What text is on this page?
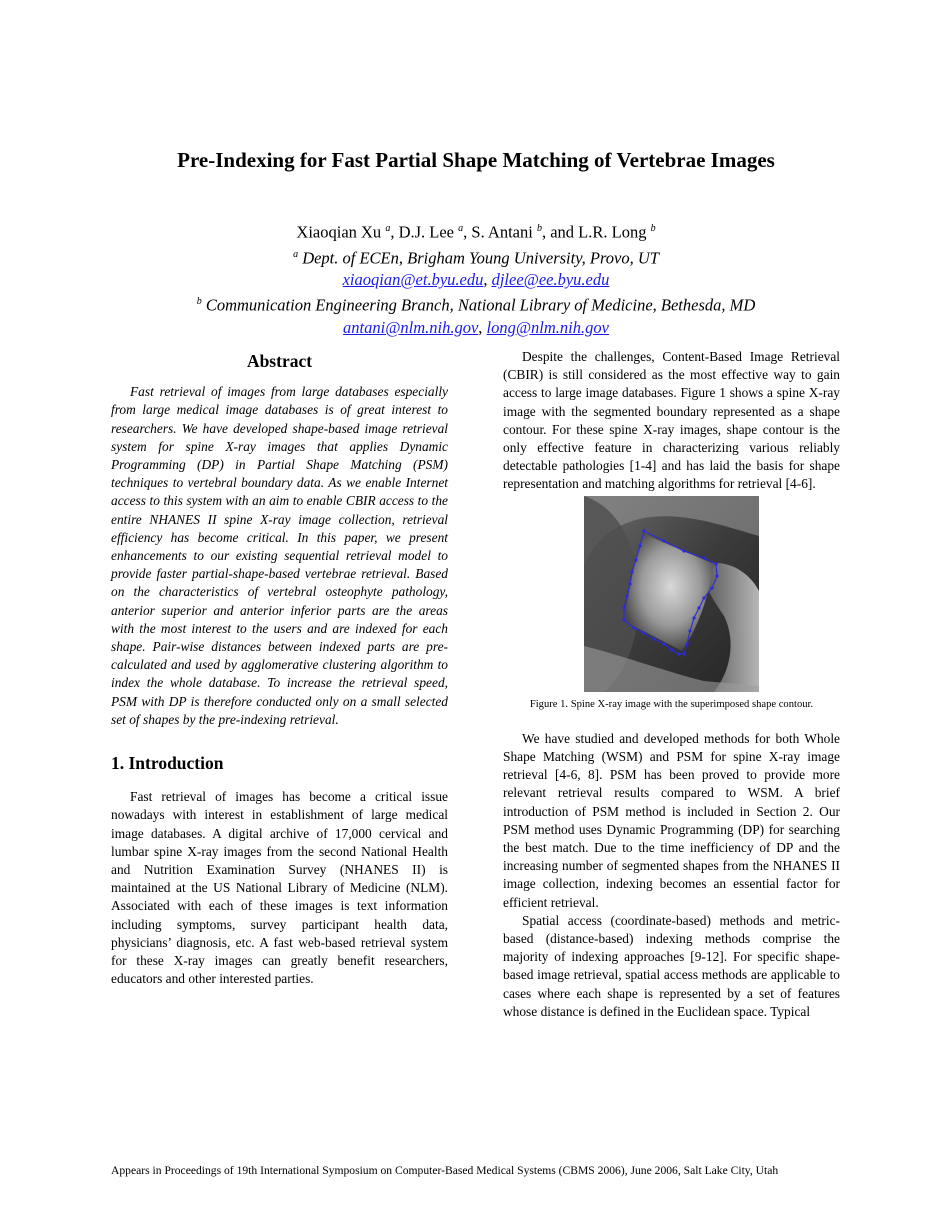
Pre-Indexing for Fast Partial Shape Matching of Vertebrae Images
Xiaoqian Xu $^a$, D.J. Lee $^a$, S. Antani $^b$, and L.R. Long $^b$
$^a$ Dept. of ECEn, Brigham Young University, Provo, UT
xiaoqian@et.byu.edu, djlee@ee.byu.edu
$^b$ Communication Engineering Branch, National Library of Medicine, Bethesda, MD
antani@nlm.nih.gov, long@nlm.nih.gov
Abstract

Fast retrieval of images from large databases especially from large medical image databases is of great interest to researchers. We have developed shape-based image retrieval system for spine X-ray images that applies Dynamic Programming (DP) in Partial Shape Matching (PSM) techniques to vertebral boundary data. As we enable Internet access to this system with an aim to enable CBIR access to the entire NHANES II spine X-ray image collection, retrieval efficiency has become critical. In this paper, we present enhancements to our existing sequential retrieval model to provide faster partial-shape-based vertebrae retrieval. Based on the characteristics of vertebral osteophyte pathology, anterior superior and anterior inferior parts are the areas with the most interest to the users and are indexed for each shape. Pair-wise distances between indexed parts are pre-calculated and used by agglomerative clustering algorithm to index the whole database. To increase the retrieval speed, PSM with DP is therefore conducted only on a small selected set of shapes by the pre-indexing retrieval.

1. Introduction

Fast retrieval of images has become a critical issue nowadays with interest in establishment of large medical image databases. A digital archive of 17,000 cervical and lumbar spine X-ray images from the second National Health and Nutrition Examination Survey (NHANES II) is maintained at the US National Library of Medicine (NLM). Associated with each of these images is text information including symptoms, survey participant health data, physicians’ diagnosis, etc. A fast web-based retrieval system for these X-ray images can greatly benefit researchers, educators and other interested parties.

Despite the challenges, Content-Based Image Retrieval (CBIR) is still considered as the most effective way to gain access to large image databases. Figure 1 shows a spine X-ray image with the segmented boundary represented as a shape contour. For these spine X-ray images, shape contour is the only effective feature in characterizing various reliably detectable pathologies [1-4] and has laid the basis for shape representation and matching algorithms for retrieval [4-6].

Figure 1. Spine X-ray image with the superimposed shape contour.

We have studied and developed methods for both Whole Shape Matching (WSM) and PSM for spine X-ray image retrieval [4-6, 8]. PSM has been proved to provide more relevant retrieval results compared to WSM. A brief introduction of PSM method is included in Section 2. Our PSM method uses Dynamic Programming (DP) for searching the best match. Due to the time inefficiency of DP and the increasing number of segmented shapes from the NHANES II image collection, indexing becomes an essential factor for efficient retrieval.

Spatial access (coordinate-based) methods and metric-based (distance-based) indexing methods comprise the majority of indexing approaches [9-12]. For specific shape-based image retrieval, spatial access methods are applicable to cases where each shape is represented by a set of features whose distance is defined in the Euclidean space. Typical

Appears in Proceedings of 19th International Symposium on Computer-Based Medical Systems (CBMS 2006), June 2006, Salt Lake City, Utah
